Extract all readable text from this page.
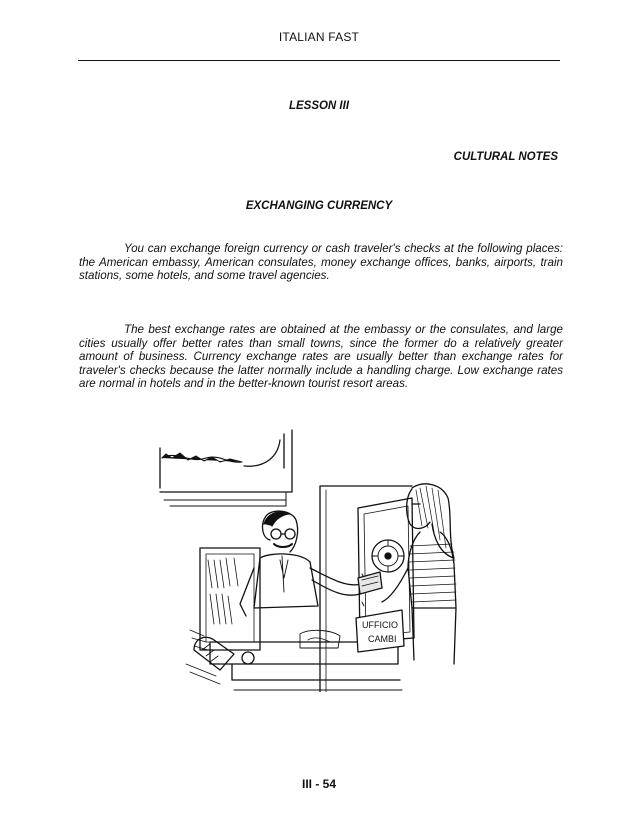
ITALIAN FAST
LESSON III
CULTURAL NOTES
EXCHANGING CURRENCY

You can exchange foreign currency or cash traveler's checks at the following places: the American embassy, American consulates, money exchange offices, banks, airports, train stations, some hotels, and some travel agencies.

The best exchange rates are obtained at the embassy or the consulates, and large cities usually offer better rates than small towns, since the former do a relatively greater amount of business. Currency exchange rates are usually better than exchange rates for traveler's checks because the latter normally include a handling charge. Low exchange rates are normal in hotels and in the better-known tourist resort areas.

UFFICIO
CAMBI
III - 54
